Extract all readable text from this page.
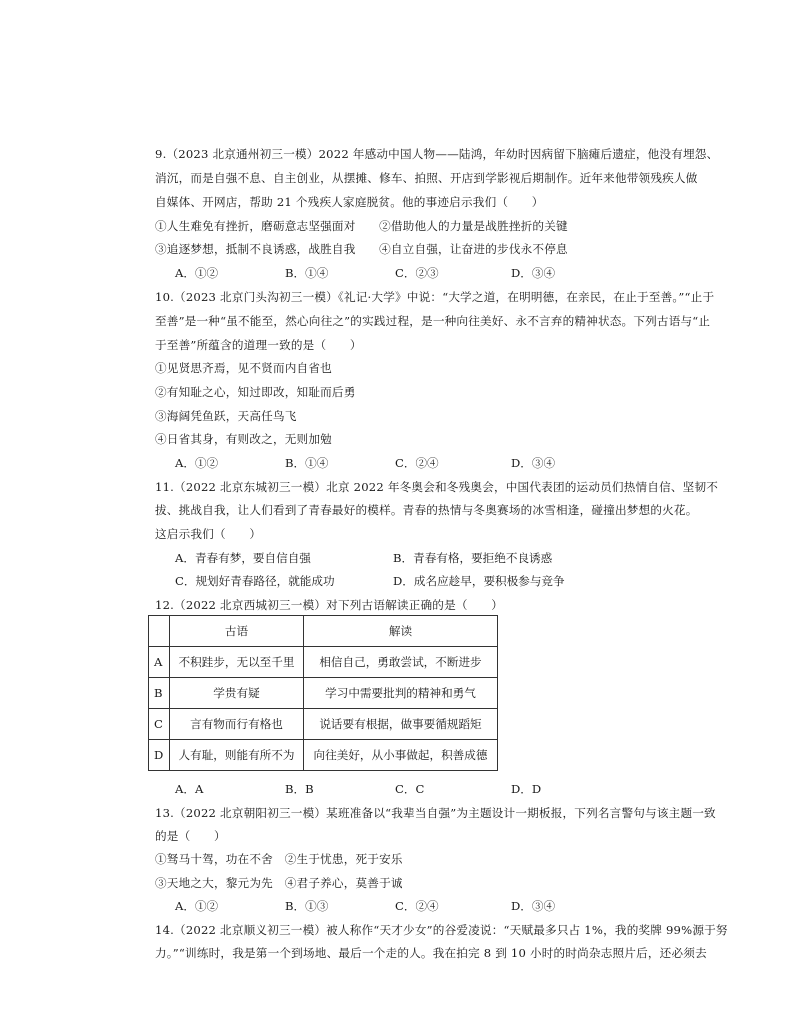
9.（2023 北京通州初三一模）2022 年感动中国人物——陆鸿，年幼时因病留下脑瘫后遗症，他没有埋怨、
消沉，而是自强不息、自主创业，从摆摊、修车、拍照、开店到学影视后期制作。近年来他带领残疾人做
自媒体、开网店，帮助 21 个残疾人家庭脱贫。他的事迹启示我们（　　）
①人生难免有挫折，磨砺意志坚强面对　　②借助他人的力量是战胜挫折的关键
③追逐梦想，抵制不良诱惑，战胜自我　　④自立自强，让奋进的步伐永不停息
A．①②	B．①④	C．②③	D．③④
10.（2023 北京门头沟初三一模）《礼记·大学》中说：“大学之道，在明明德，在亲民，在止于至善。”“止于
至善”是一种“虽不能至，然心向往之”的实践过程，是一种向往美好、永不言弃的精神状态。下列古语与“止
于至善”所蕴含的道理一致的是（　　）
①见贤思齐焉，见不贤而内自省也
②有知耻之心，知过即改，知耻而后勇
③海阔凭鱼跃，天高任鸟飞
④日省其身，有则改之，无则加勉
A．①②	B．①④	C．②④	D．③④
11.（2022 北京东城初三一模）北京 2022 年冬奥会和冬残奥会，中国代表团的运动员们热情自信、坚韧不
拔、挑战自我，让人们看到了青春最好的模样。青春的热情与冬奥赛场的冰雪相逢，碰撞出梦想的火花。
这启示我们（　　）
A．青春有梦，要自信自强	B．青春有格，要拒绝不良诱惑
C．规划好青春路径，就能成功	D．成名应趁早，要积极参与竞争
12.（2022 北京西城初三一模）对下列古语解读正确的是（　　）
	古语	解读
A	不积跬步，无以至千里	相信自己，勇敢尝试，不断进步
B	学贵有疑	学习中需要批判的精神和勇气
C	言有物而行有格也	说话要有根据，做事要循规蹈矩
D	人有耻，则能有所不为	向往美好，从小事做起，积善成德
A．A	B．B	C．C	D．D
13.（2022 北京朝阳初三一模）某班准备以“我辈当自强”为主题设计一期板报，下列名言警句与该主题一致
的是（　　）
①驽马十驾，功在不舍　②生于忧患，死于安乐
③天地之大，黎元为先　④君子养心，莫善于诚
A．①②	B．①③	C．②④	D．③④
14.（2022 北京顺义初三一模）被人称作“天才少女”的谷爱凌说：“天赋最多只占 1%，我的奖牌 99%源于努
力。”“训练时，我是第一个到场地、最后一个走的人。我在拍完 8 到 10 小时的时尚杂志照片后，还必须去
